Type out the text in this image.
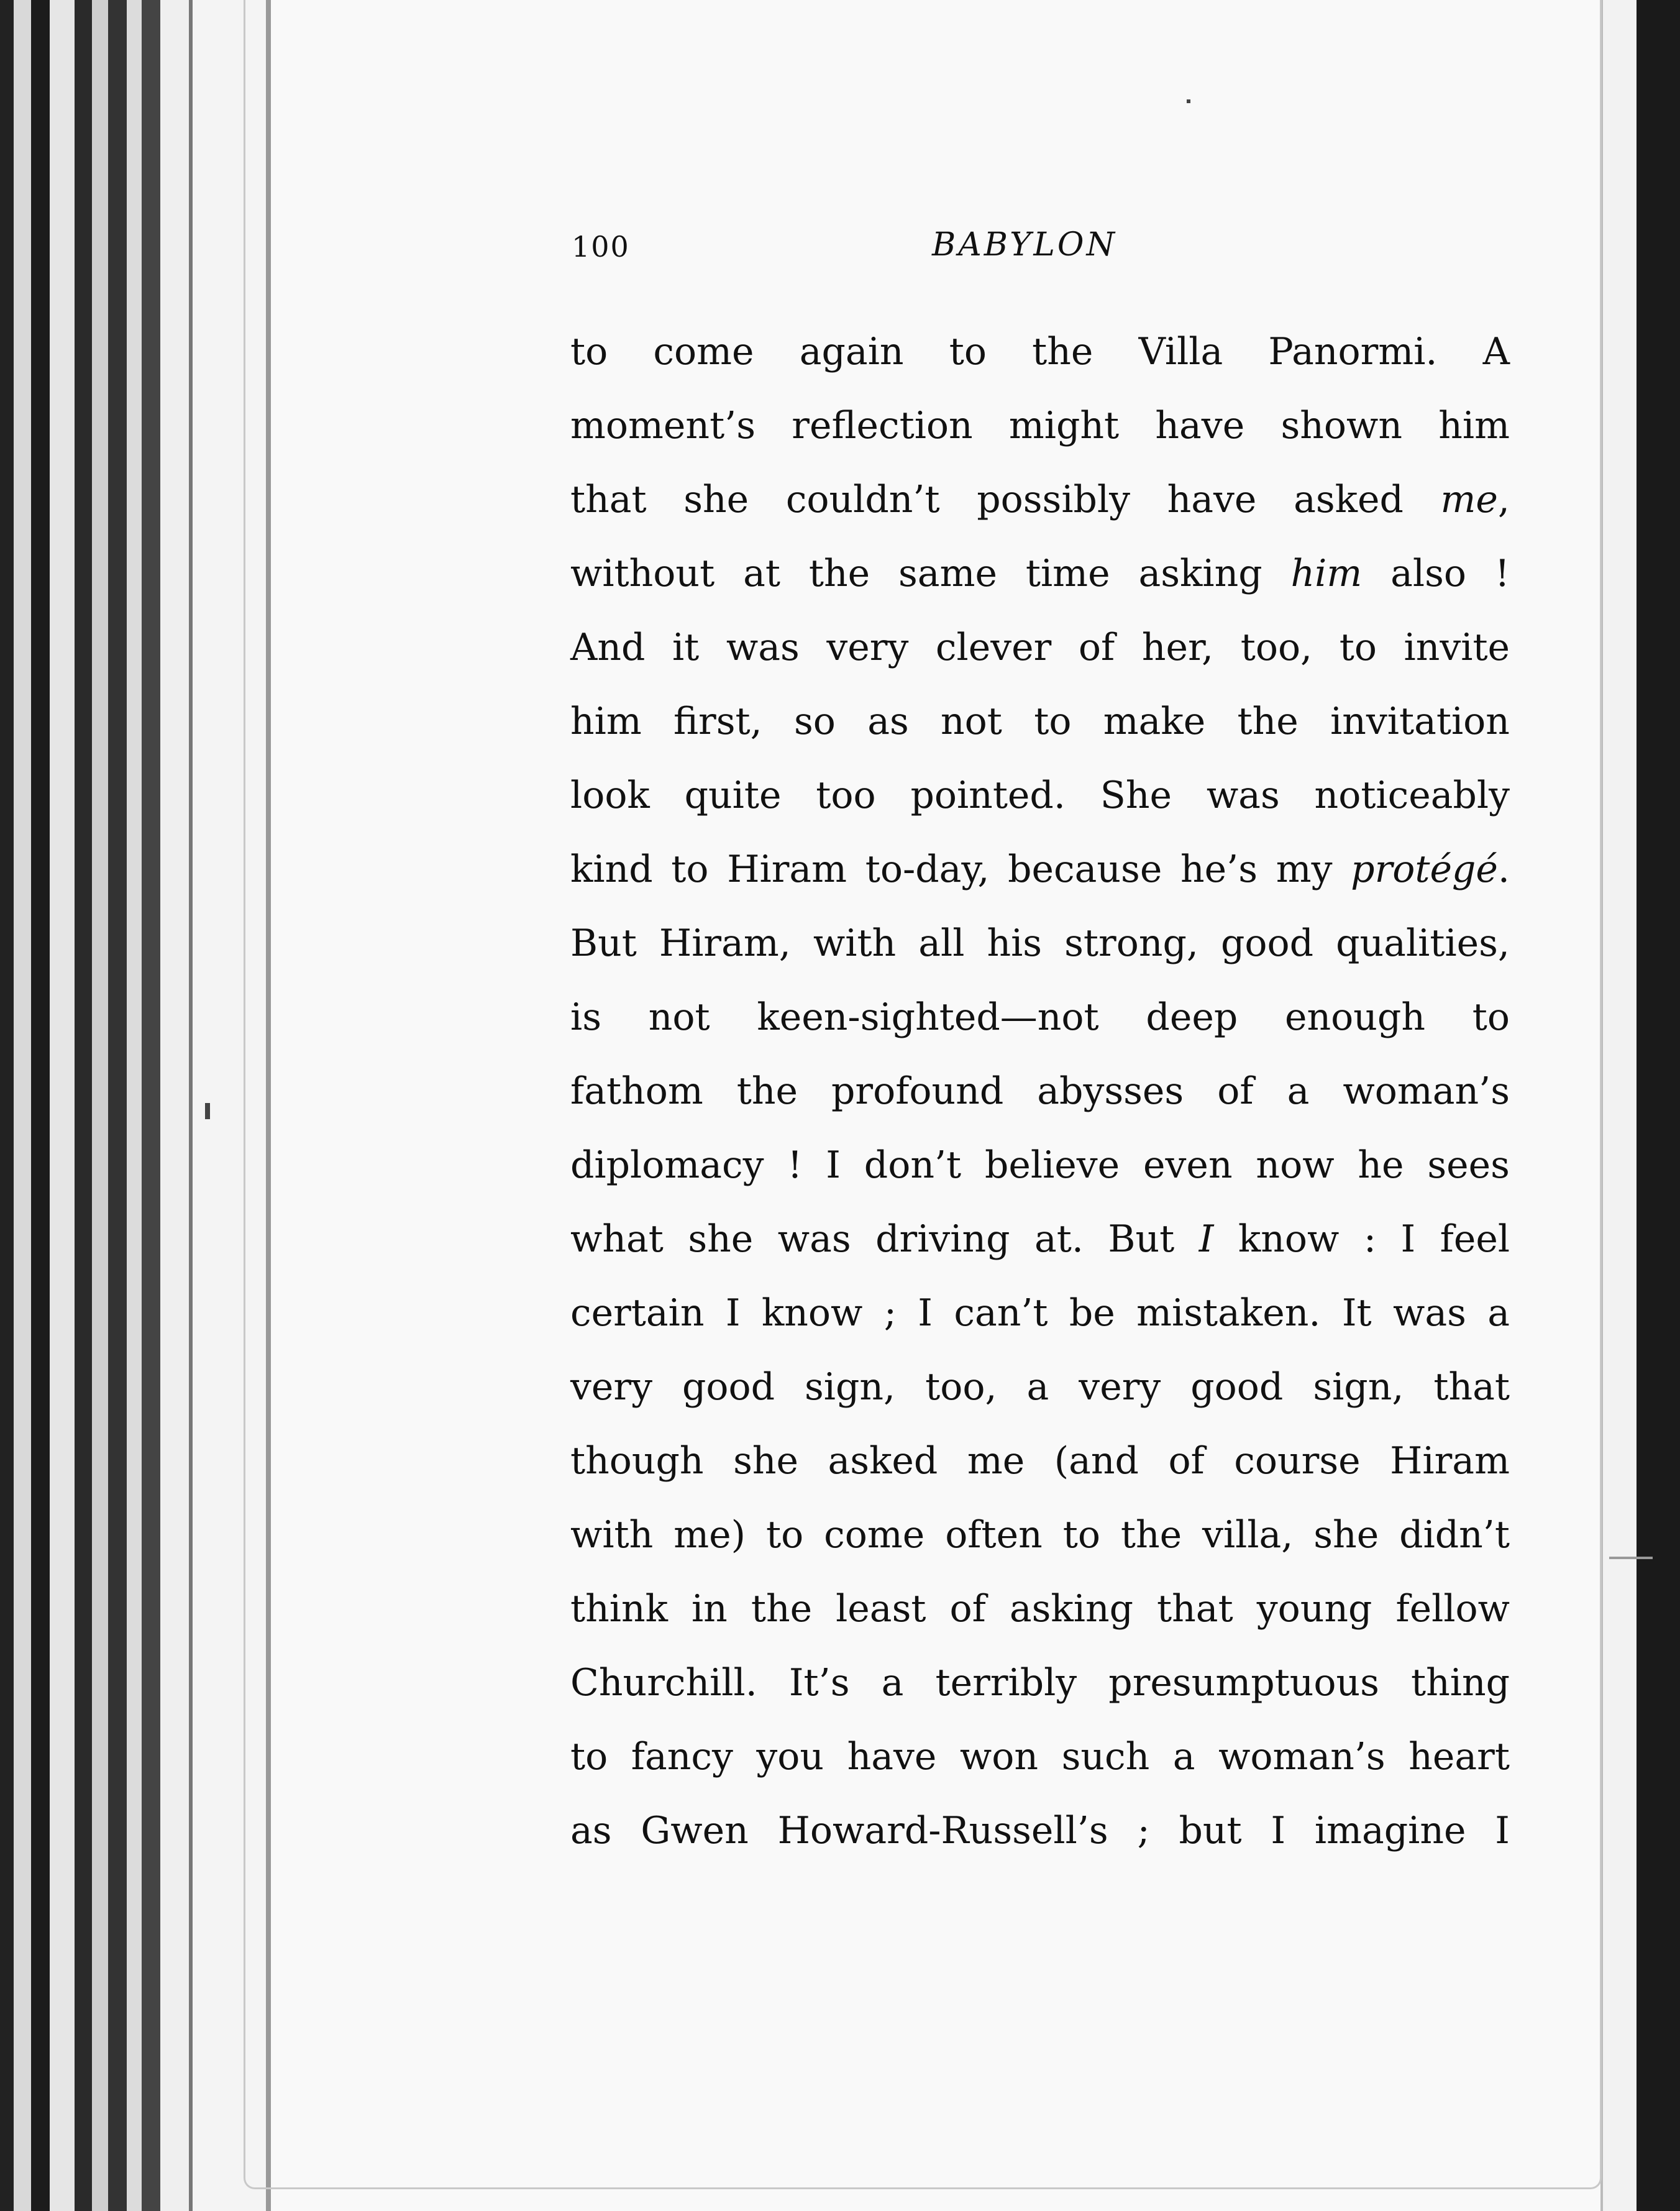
100	BABYLON
to come again to the Villa Panormi. A
moment’s reflection might have shown him
that she couldn’t possibly have asked me,
without at the same time asking him also !
And it was very clever of her, too, to invite
him first, so as not to make the invitation
look quite too pointed. She was noticeably
kind to Hiram to-day, because he’s my protégé.
But Hiram, with all his strong, good qualities,
is not keen-sighted—not deep enough to
fathom the profound abysses of a woman’s
diplomacy ! I don’t believe even now he sees
what she was driving at. But I know : I feel
certain I know ; I can’t be mistaken. It was a
very good sign, too, a very good sign, that
though she asked me (and of course Hiram
with me) to come often to the villa, she didn’t
think in the least of asking that young fellow
Churchill. It’s a terribly presumptuous thing
to fancy you have won such a woman’s heart
as Gwen Howard-Russell’s ; but I imagine I
